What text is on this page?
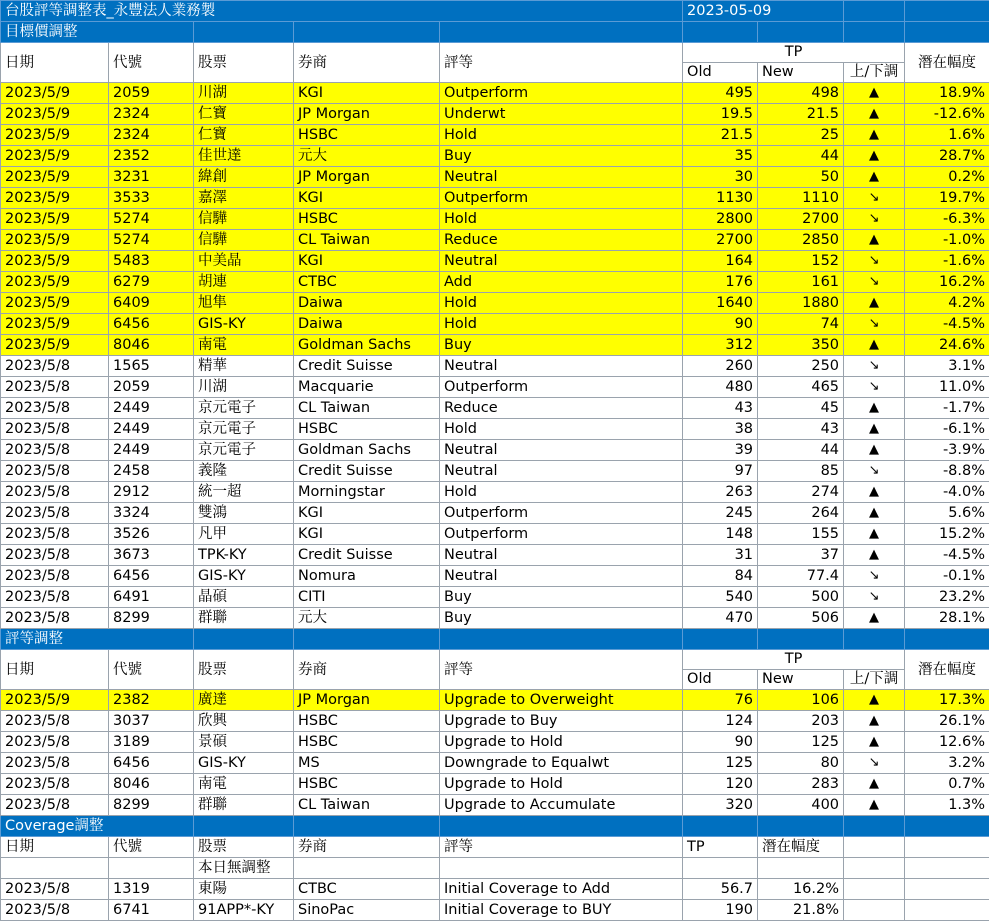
台股評等調整表_永豐法人業務製					2023-05-09			
目標價調整								
日期	代號	股票	券商	評等	TP			潛在幅度
					Old	New	上/下調	
2023/5/9	2059	川湖	KGI	Outperform	495	498	▲	18.9%
2023/5/9	2324	仁寶	JP Morgan	Underwt	19.5	21.5	▲	-12.6%
2023/5/9	2324	仁寶	HSBC	Hold	21.5	25	▲	1.6%
2023/5/9	2352	佳世達	元大	Buy	35	44	▲	28.7%
2023/5/9	3231	緯創	JP Morgan	Neutral	30	50	▲	0.2%
2023/5/9	3533	嘉澤	KGI	Outperform	1130	1110	↘	19.7%
2023/5/9	5274	信驊	HSBC	Hold	2800	2700	↘	-6.3%
2023/5/9	5274	信驊	CL Taiwan	Reduce	2700	2850	▲	-1.0%
2023/5/9	5483	中美晶	KGI	Neutral	164	152	↘	-1.6%
2023/5/9	6279	胡連	CTBC	Add	176	161	↘	16.2%
2023/5/9	6409	旭隼	Daiwa	Hold	1640	1880	▲	4.2%
2023/5/9	6456	GIS-KY	Daiwa	Hold	90	74	↘	-4.5%
2023/5/9	8046	南電	Goldman Sachs	Buy	312	350	▲	24.6%
2023/5/8	1565	精華	Credit Suisse	Neutral	260	250	↘	3.1%
2023/5/8	2059	川湖	Macquarie	Outperform	480	465	↘	11.0%
2023/5/8	2449	京元電子	CL Taiwan	Reduce	43	45	▲	-1.7%
2023/5/8	2449	京元電子	HSBC	Hold	38	43	▲	-6.1%
2023/5/8	2449	京元電子	Goldman Sachs	Neutral	39	44	▲	-3.9%
2023/5/8	2458	義隆	Credit Suisse	Neutral	97	85	↘	-8.8%
2023/5/8	2912	統一超	Morningstar	Hold	263	274	▲	-4.0%
2023/5/8	3324	雙鴻	KGI	Outperform	245	264	▲	5.6%
2023/5/8	3526	凡甲	KGI	Outperform	148	155	▲	15.2%
2023/5/8	3673	TPK-KY	Credit Suisse	Neutral	31	37	▲	-4.5%
2023/5/8	6456	GIS-KY	Nomura	Neutral	84	77.4	↘	-0.1%
2023/5/8	6491	晶碩	CITI	Buy	540	500	↘	23.2%
2023/5/8	8299	群聯	元大	Buy	470	506	▲	28.1%
評等調整								
日期	代號	股票	券商	評等	TP			潛在幅度
					Old	New	上/下調	
2023/5/9	2382	廣達	JP Morgan	Upgrade to Overweight	76	106	▲	17.3%
2023/5/8	3037	欣興	HSBC	Upgrade to Buy	124	203	▲	26.1%
2023/5/8	3189	景碩	HSBC	Upgrade to Hold	90	125	▲	12.6%
2023/5/8	6456	GIS-KY	MS	Downgrade to Equalwt	125	80	↘	3.2%
2023/5/8	8046	南電	HSBC	Upgrade to Hold	120	283	▲	0.7%
2023/5/8	8299	群聯	CL Taiwan	Upgrade to Accumulate	320	400	▲	1.3%
Coverage調整								
日期	代號	股票	券商	評等	TP	潛在幅度		
		本日無調整						
2023/5/8	1319	東陽	CTBC	Initial Coverage to Add	56.7	16.2%		
2023/5/8	6741	91APP*-KY	SinoPac	Initial Coverage to BUY	190	21.8%		
